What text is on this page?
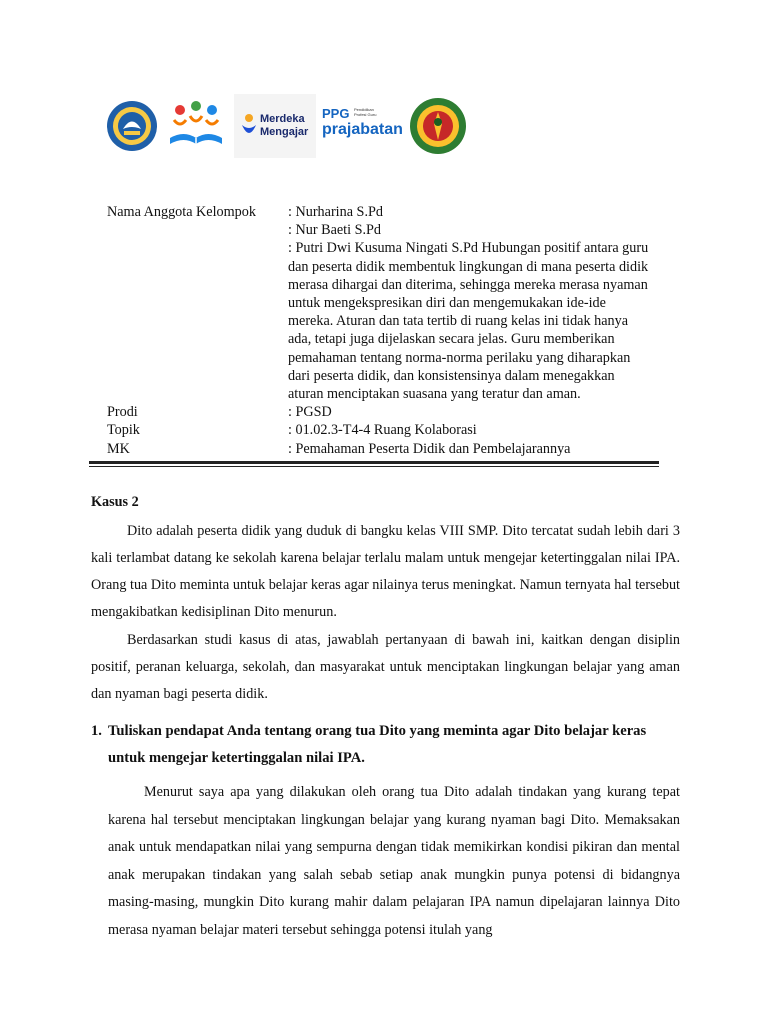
Merdeka
Mengajar
PPG Pendidikan Profesi Guru
prajabatan
Nama Anggota Kelompok	: Nurharina S.Pd
: Nur Baeti S.Pd
: Putri Dwi Kusuma Ningati S.Pd Hubungan positif antara guru
dan peserta didik membentuk lingkungan di mana peserta didik
merasa dihargai dan diterima, sehingga mereka merasa nyaman
untuk mengekspresikan diri dan mengemukakan ide-ide
mereka. Aturan dan tata tertib di ruang kelas ini tidak hanya
ada, tetapi juga dijelaskan secara jelas. Guru memberikan
pemahaman tentang norma-norma perilaku yang diharapkan
dari peserta didik, dan konsistensinya dalam menegakkan
aturan menciptakan suasana yang teratur dan aman.
Prodi	: PGSD
Topik	: 01.02.3-T4-4 Ruang Kolaborasi
MK	: Pemahaman Peserta Didik dan Pembelajarannya

Kasus 2

Dito adalah peserta didik yang duduk di bangku kelas VIII SMP. Dito tercatat sudah lebih dari 3 kali terlambat datang ke sekolah karena belajar terlalu malam untuk mengejar ketertinggalan nilai IPA. Orang tua Dito meminta untuk belajar keras agar nilainya terus meningkat. Namun ternyata hal tersebut mengakibatkan kedisiplinan Dito menurun.

Berdasarkan studi kasus di atas, jawablah pertanyaan di bawah ini, kaitkan dengan disiplin positif, peranan keluarga, sekolah, dan masyarakat untuk menciptakan lingkungan belajar yang aman dan nyaman bagi peserta didik.

1. Tuliskan pendapat Anda tentang orang tua Dito yang meminta agar Dito belajar keras untuk mengejar ketertinggalan nilai IPA.

Menurut saya apa yang dilakukan oleh orang tua Dito adalah tindakan yang kurang tepat karena hal tersebut menciptakan lingkungan belajar yang kurang nyaman bagi Dito. Memaksakan anak untuk mendapatkan nilai yang sempurna dengan tidak memikirkan kondisi pikiran dan mental anak merupakan tindakan yang salah sebab setiap anak mungkin punya potensi di bidangnya masing-masing, mungkin Dito kurang mahir dalam pelajaran IPA namun dipelajaran lainnya Dito merasa nyaman belajar materi tersebut sehingga potensi itulah yang
